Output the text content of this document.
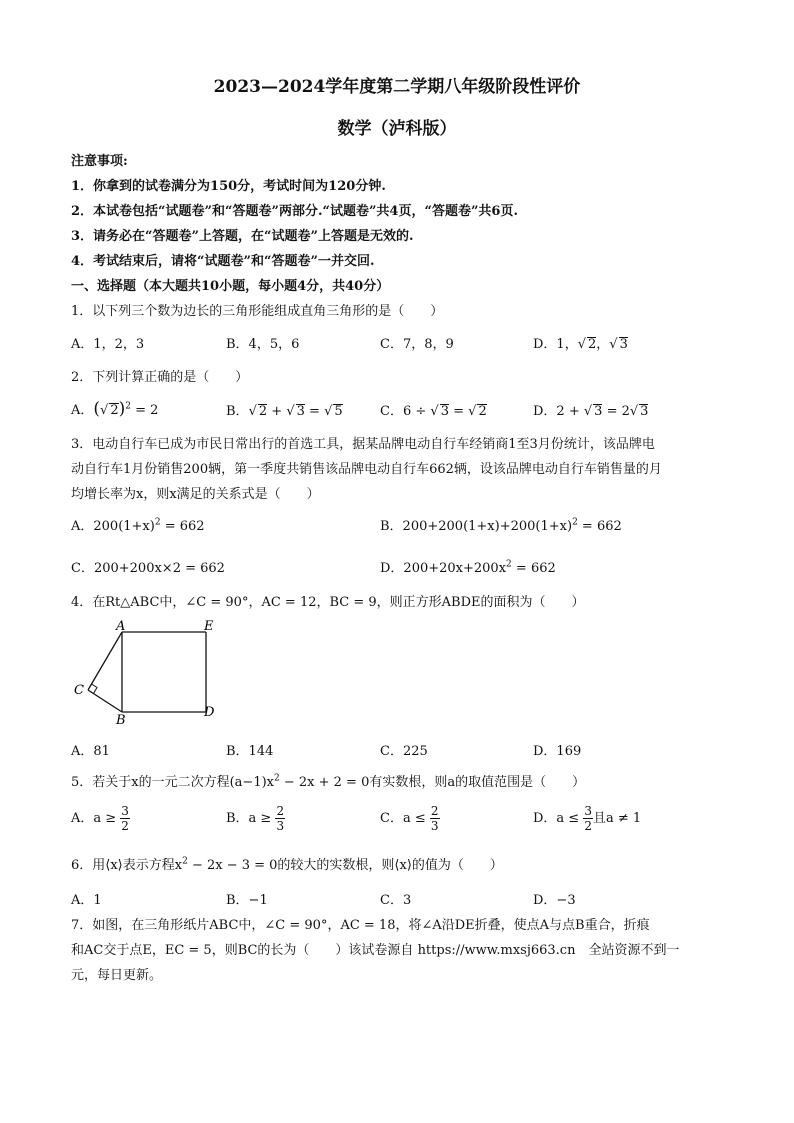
2023—2024学年度第二学期八年级阶段性评价
数学（泸科版）
注意事项:
1．你拿到的试卷满分为150分，考试时间为120分钟.
2．本试卷包括“试题卷”和“答题卷”两部分.“试题卷”共4页，“答题卷”共6页.
3．请务必在“答题卷”上答题，在“试题卷”上答题是无效的.
4．考试结束后，请将“试题卷”和“答题卷”一并交回.
一、选择题（本大题共10小题，每小题4分，共40分）
1．以下列三个数为边长的三角形能组成直角三角形的是（　　）
A．1，2，3	B．4，5，6	C．7，8，9	D．1，√ 2，√ 3
2．下列计算正确的是（　　）
A．(√ 2)$^2$ = 2	B．√ 2 + √ 3 = √ 5	C．6 ÷ √ 3 = √ 2	D．2 + √ 3 = 2√ 3
3．电动自行车已成为市民日常出行的首选工具，据某品牌电动自行车经销商1至3月份统计，该品牌电
动自行车1月份销售200辆，第一季度共销售该品牌电动自行车662辆，设该品牌电动自行车销售量的月
均增长率为x，则x满足的关系式是（　　）
A．$200(1+x)^2 = 662$	B．$200+200(1+x)+200(1+x)^2 = 662$
C．200+200x×2 = 662	D．$200+20x+200x^2 = 662$
4．在Rt△ABC中，∠C = 90°，AC = 12，BC = 9，则正方形ABDE的面积为（　　）
A	E
C
B
D
A．81	B．144	C．225	D．169
5．若关于x的一元二次方程$(a-1)x^2 - 2x + 2 = 0$有实数根，则a的取值范围是（　　）
A．$a \ge \frac{3}{2}$	B．$a \ge \frac{2}{3}$	C．$a \le \frac{2}{3}$	D．$a \le \frac{3}{2}$ 且a ≠ 1
6．用⟨x⟩表示方程$x^2 - 2x - 3 = 0$的较大的实数根，则⟨x⟩的值为（　　）
A．1	B．−1	C．3	D．−3
7．如图，在三角形纸片ABC中，∠C = 90°，AC = 18，将∠A沿DE折叠，使点A与点B重合，折痕
和AC交于点E，EC = 5，则BC的长为（　　）该试卷源自 https://www.mxsj663.cn　全站资源不到一
元，每日更新。
